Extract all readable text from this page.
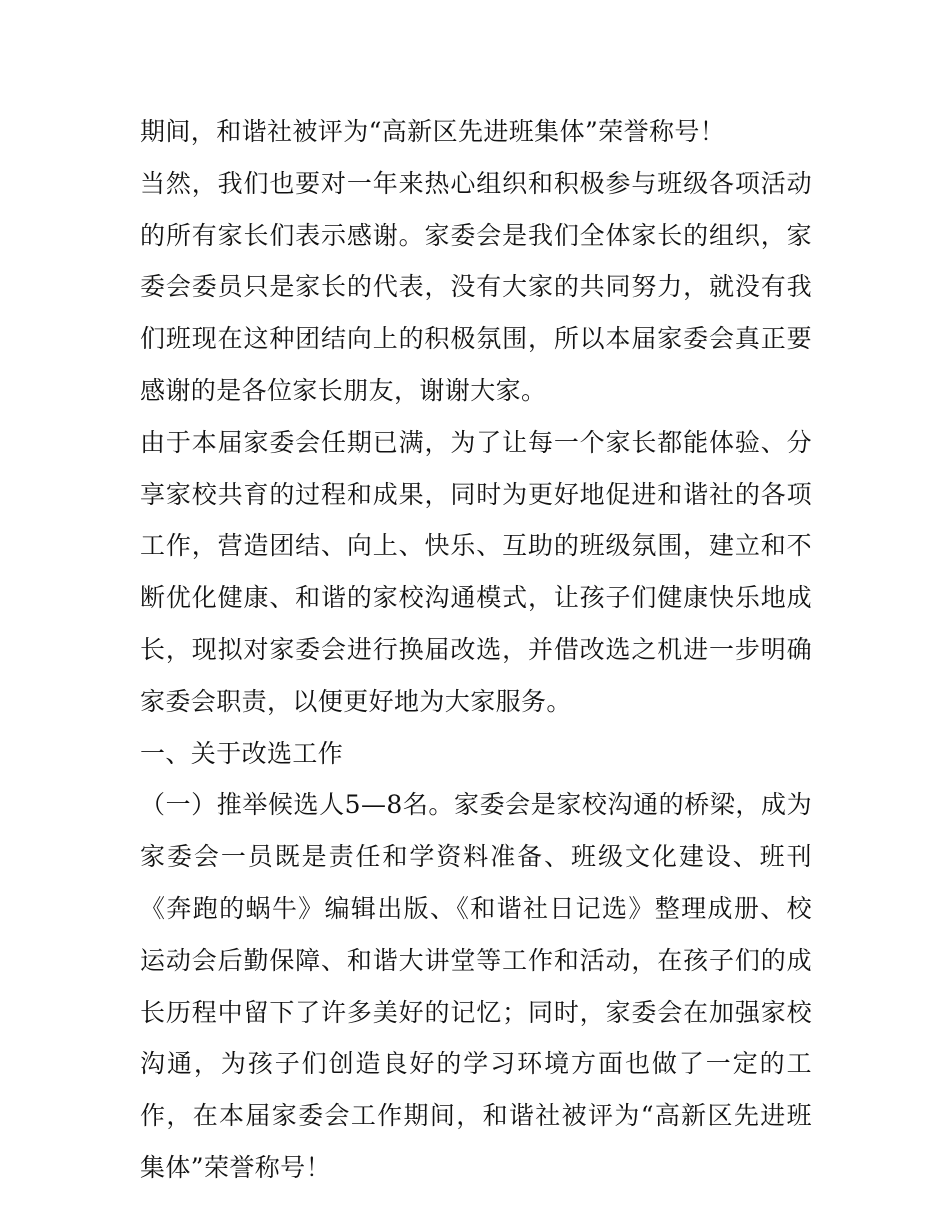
期间，和谐社被评为“高新区先进班集体”荣誉称号！

当然，我们也要对一年来热心组织和积极参与班级各项活动的所有家长们表示感谢。家委会是我们全体家长的组织，家委会委员只是家长的代表，没有大家的共同努力，就没有我们班现在这种团结向上的积极氛围，所以本届家委会真正要感谢的是各位家长朋友，谢谢大家。

由于本届家委会任期已满，为了让每一个家长都能体验、分享家校共育的过程和成果，同时为更好地促进和谐社的各项工作，营造团结、向上、快乐、互助的班级氛围，建立和不断优化健康、和谐的家校沟通模式，让孩子们健康快乐地成长，现拟对家委会进行换届改选，并借改选之机进一步明确家委会职责，以便更好地为大家服务。

一、关于改选工作

（一）推举候选人5—8名。家委会是家校沟通的桥梁，成为家委会一员既是责任和学资料准备、班级文化建设、班刊《奔跑的蜗牛》编辑出版、《和谐社日记选》整理成册、校运动会后勤保障、和谐大讲堂等工作和活动，在孩子们的成长历程中留下了许多美好的记忆；同时，家委会在加强家校沟通，为孩子们创造良好的学习环境方面也做了一定的工作，在本届家委会工作期间，和谐社被评为“高新区先进班集体”荣誉称号！
